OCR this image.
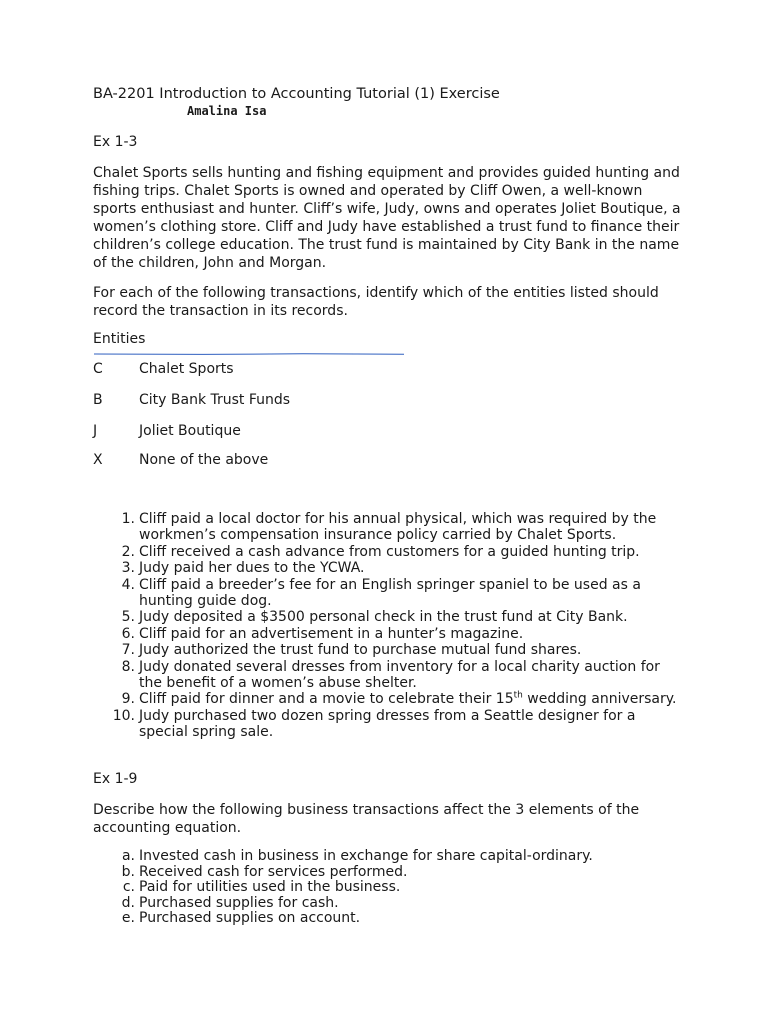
BA-2201 Introduction to Accounting Tutorial (1) Exercise
Amalina Isa
Ex 1-3

Chalet Sports sells hunting and fishing equipment and provides guided hunting and fishing trips. Chalet Sports is owned and operated by Cliff Owen, a well-known sports enthusiast and hunter. Cliff’s wife, Judy, owns and operates Joliet Boutique, a women’s clothing store. Cliff and Judy have established a trust fund to finance their children’s college education. The trust fund is maintained by City Bank in the name of the children, John and Morgan.

For each of the following transactions, identify which of the entities listed should record the transaction in its records.

Entities
C	Chalet Sports
B	City Bank Trust Funds
J	Joliet Boutique
X	None of the above
1. Cliff paid a local doctor for his annual physical, which was required by the workmen’s compensation insurance policy carried by Chalet Sports.
2. Cliff received a cash advance from customers for a guided hunting trip.
3. Judy paid her dues to the YCWA.
4. Cliff paid a breeder’s fee for an English springer spaniel to be used as a hunting guide dog.
5. Judy deposited a $3500 personal check in the trust fund at City Bank.
6. Cliff paid for an advertisement in a hunter’s magazine.
7. Judy authorized the trust fund to purchase mutual fund shares.
8. Judy donated several dresses from inventory for a local charity auction for the benefit of a women’s abuse shelter.
9. Cliff paid for dinner and a movie to celebrate their 15th wedding anniversary.
10. Judy purchased two dozen spring dresses from a Seattle designer for a special spring sale.
Ex 1-9

Describe how the following business transactions affect the 3 elements of the accounting equation.

a. Invested cash in business in exchange for share capital-ordinary.
b. Received cash for services performed.
c. Paid for utilities used in the business.
d. Purchased supplies for cash.
e. Purchased supplies on account.
